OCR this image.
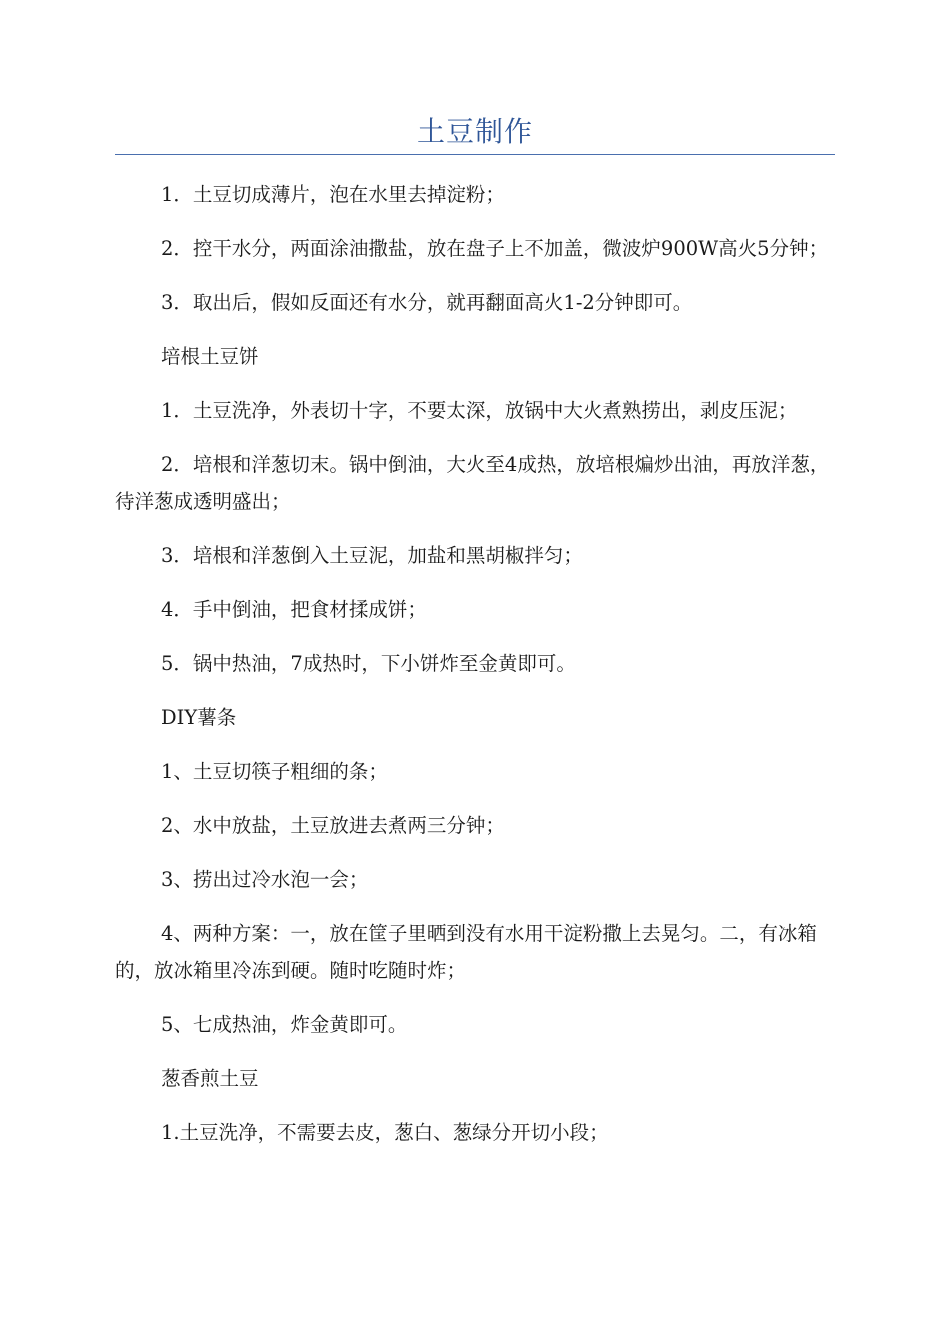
土豆制作

1．土豆切成薄片，泡在水里去掉淀粉；

2．控干水分，两面涂油撒盐，放在盘子上不加盖，微波炉900W高火5分钟；

3．取出后，假如反面还有水分，就再翻面高火1-2分钟即可。

培根土豆饼

1．土豆洗净，外表切十字，不要太深，放锅中大火煮熟捞出，剥皮压泥；

2．培根和洋葱切末。锅中倒油，大火至4成热，放培根煸炒出油，再放洋葱，待洋葱成透明盛出；

3．培根和洋葱倒入土豆泥，加盐和黑胡椒拌匀；

4．手中倒油，把食材揉成饼；

5．锅中热油，7成热时，下小饼炸至金黄即可。

DIY薯条

1、土豆切筷子粗细的条；

2、水中放盐，土豆放进去煮两三分钟；

3、捞出过冷水泡一会；

4、两种方案：一，放在筐子里晒到没有水用干淀粉撒上去晃匀。二，有冰箱的，放冰箱里冷冻到硬。随时吃随时炸；

5、七成热油，炸金黄即可。

葱香煎土豆

1.土豆洗净，不需要去皮，葱白、葱绿分开切小段；
